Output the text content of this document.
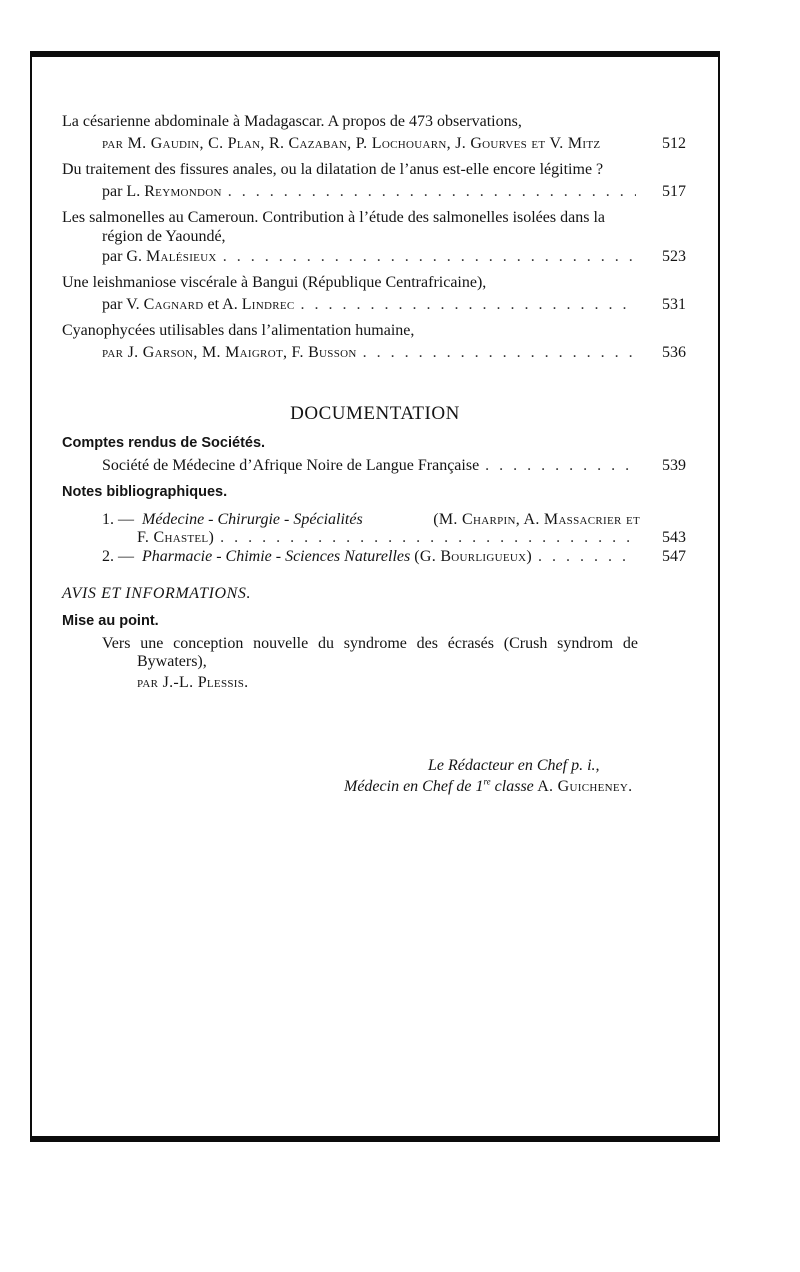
La césarienne abdominale à Madagascar. A propos de 473 observations,
par M. Gaudin, C. Plan, R. Cazaban, P. Lochouarn, J. Gourves et V. Mitz	512
Du traitement des fissures anales, ou la dilatation de l’anus est-elle encore légitime ?
par L. Reymondon . . .	517
Les salmonelles au Cameroun. Contribution à l’étude des salmonelles isolées dans la
région de Yaoundé,
par G. Malésieux . . .	523
Une leishmaniose viscérale à Bangui (République Centrafricaine),
par V. Cagnard et A. Lindrec . . .	531
Cyanophycées utilisables dans l’alimentation humaine,
par J. Garson, M. Maigrot, F. Busson . . .	536
DOCUMENTATION
Comptes rendus de Sociétés.
Société de Médecine d’Afrique Noire de Langue Française . . .	539
Notes bibliographiques.
1. — Médecine - Chirurgie - Spécialités	(M. Charpin, A. Massacrier et
F. Chastel) . . .	543
2. — Pharmacie - Chimie - Sciences Naturelles (G. Bourligueux) . . .	547
AVIS ET INFORMATIONS.
Mise au point.
Vers une conception nouvelle du syndrome des écrasés (Crush syndrom de
Bywaters),
par J.-L. Plessis.
Le Rédacteur en Chef p. i.,
Médecin en Chef de 1re classe A. Guicheney.
